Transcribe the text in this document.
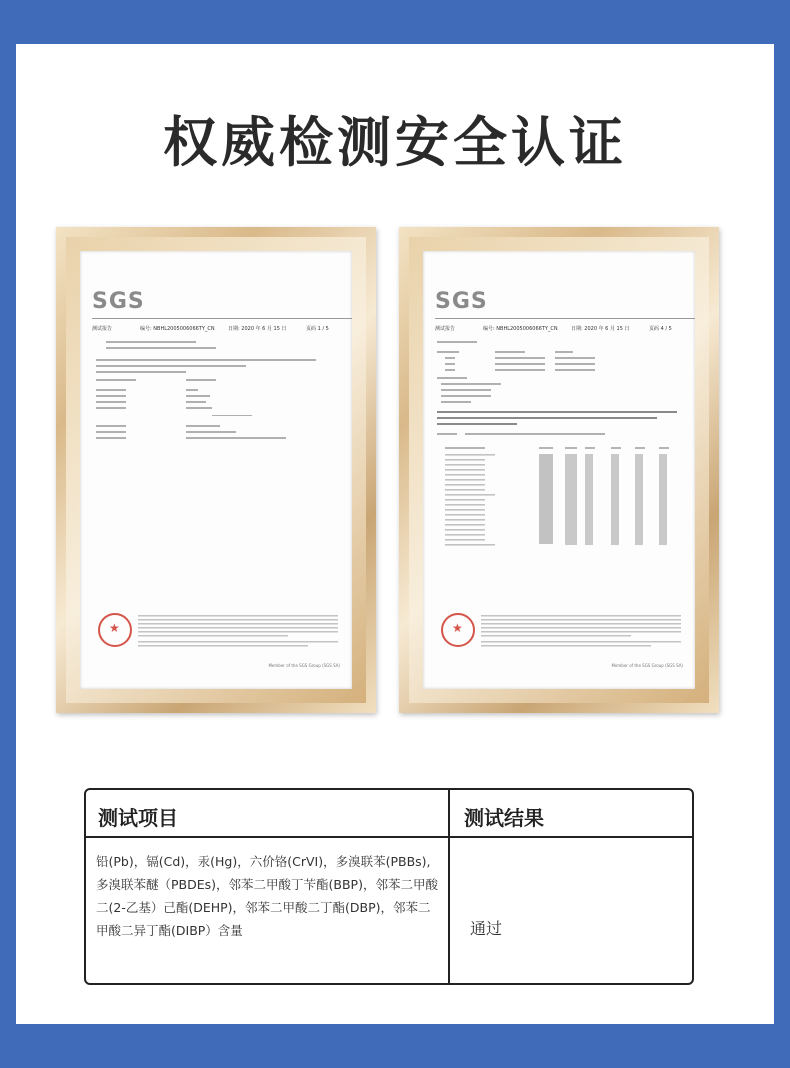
权威检测安全认证
SGS
测试报告	编号: NBHL2005006066TY_CN	日期: 2020 年 6 月 15 日	页码 1 / 5
★
Member of the SGS Group (SGS SA)
SGS
测试报告	编号: NBHL2005006066TY_CN	日期: 2020 年 6 月 15 日	页码 4 / 5
★
Member of the SGS Group (SGS SA)
测试项目	测试结果
铅(Pb)，镉(Cd)，汞(Hg)，六价铬(CrVI)，多溴联苯(PBBs),多溴联苯醚（PBDEs)，邻苯二甲酸丁苄酯(BBP)，邻苯二甲酸二(2-乙基）己酯(DEHP)，邻苯二甲酸二丁酯(DBP)，邻苯二甲酸二异丁酯(DIBP）含量	通过
